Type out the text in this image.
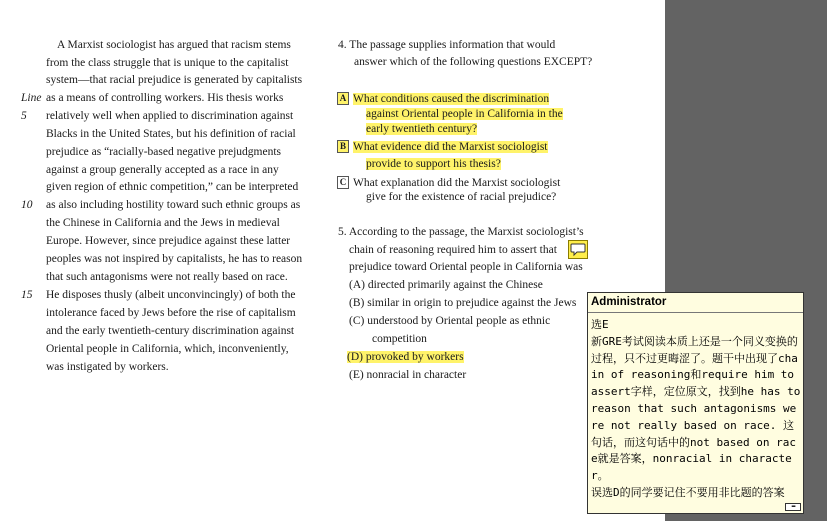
A Marxist sociologist has argued that racism stems
from the class struggle that is unique to the capitalist
system—that racial prejudice is generated by capitalists
Line as a means of controlling workers. His thesis works
5 relatively well when applied to discrimination against
Blacks in the United States, but his definition of racial
prejudice as “racially-based negative prejudgments
against a group generally accepted as a race in any
given region of ethnic competition,” can be interpreted
10 as also including hostility toward such ethnic groups as
the Chinese in California and the Jews in medieval
Europe. However, since prejudice against these latter
peoples was not inspired by capitalists, he has to reason
that such antagonisms were not really based on race.
15 He disposes thusly (albeit unconvincingly) of both the
intolerance faced by Jews before the rise of capitalism
and the early twentieth-century discrimination against
Oriental people in California, which, inconveniently,
was instigated by workers.
4. The passage supplies information that would
answer which of the following questions EXCEPT?
A What conditions caused the discrimination
against Oriental people in California in the
early twentieth century?
B What evidence did the Marxist sociologist
provide to support his thesis?
C What explanation did the Marxist sociologist
give for the existence of racial prejudice?
5. According to the passage, the Marxist sociologist’s
chain of reasoning required him to assert that
prejudice toward Oriental people in California was
(A) directed primarily against the Chinese
(B) similar in origin to prejudice against the Jews
(C) understood by Oriental people as ethnic
competition
(D) provoked by workers
(E) nonracial in character
Administrator
选E
新GRE考试阅读本质上还是一个同义变换的过程，只不过更晦涩了。题干中出现了chain of reasoning和require him to assert字样，定位原文，找到he has to reason that such antagonisms were not really based on race. 这句话，而这句话中的not based on race就是答案，nonracial in character。
误选D的同学要记住不要用非比题的答案
▪▪▪
